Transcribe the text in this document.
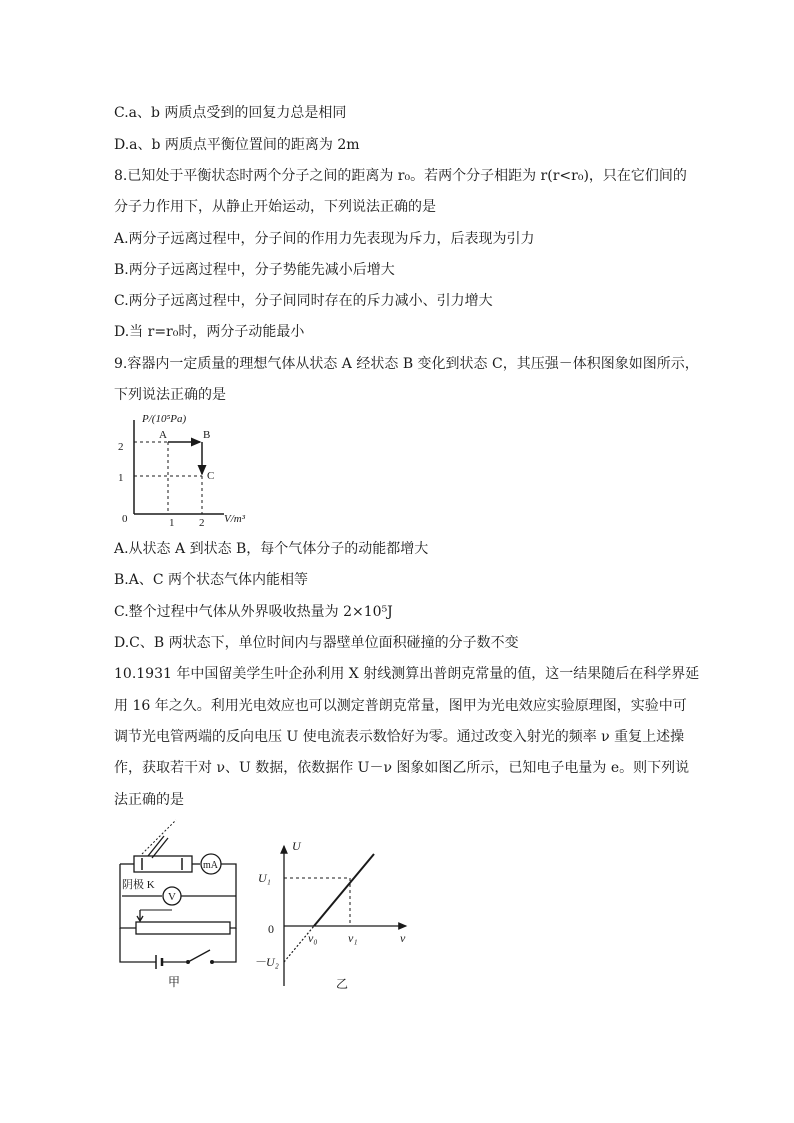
C.a、b 两质点受到的回复力总是相同
D.a、b 两质点平衡位置间的距离为 2m
8.已知处于平衡状态时两个分子之间的距离为 r₀。若两个分子相距为 r(r<r₀)，只在它们间的
分子力作用下，从静止开始运动，下列说法正确的是
A.两分子远离过程中，分子间的作用力先表现为斥力，后表现为引力
B.两分子远离过程中，分子势能先减小后增大
C.两分子远离过程中，分子间同时存在的斥力减小、引力增大
D.当 r=r₀时，两分子动能最小
9.容器内一定质量的理想气体从状态 A 经状态 B 变化到状态 C，其压强－体积图象如图所示，
下列说法正确的是
P/(10⁵Pa)
V/m³
0
2
1
1 2
A	B
C
A.从状态 A 到状态 B，每个气体分子的动能都增大
B.A、C 两个状态气体内能相等
C.整个过程中气体从外界吸收热量为 2×10⁵J
D.C、B 两状态下，单位时间内与器壁单位面积碰撞的分子数不变
10.1931 年中国留美学生叶企孙利用 X 射线测算出普朗克常量的值，这一结果随后在科学界延
用 16 年之久。利用光电效应也可以测定普朗克常量，图甲为光电效应实验原理图，实验中可
调节光电管两端的反向电压 U 使电流表示数恰好为零。通过改变入射光的频率 ν 重复上述操
作，获取若干对 ν、U 数据，依数据作 U－ν 图象如图乙所示，已知电子电量为 e。则下列说
法正确的是
mA
阴极 K
V
甲
U
ν
0
U₁
－U₂
ν₀	ν₁
乙
